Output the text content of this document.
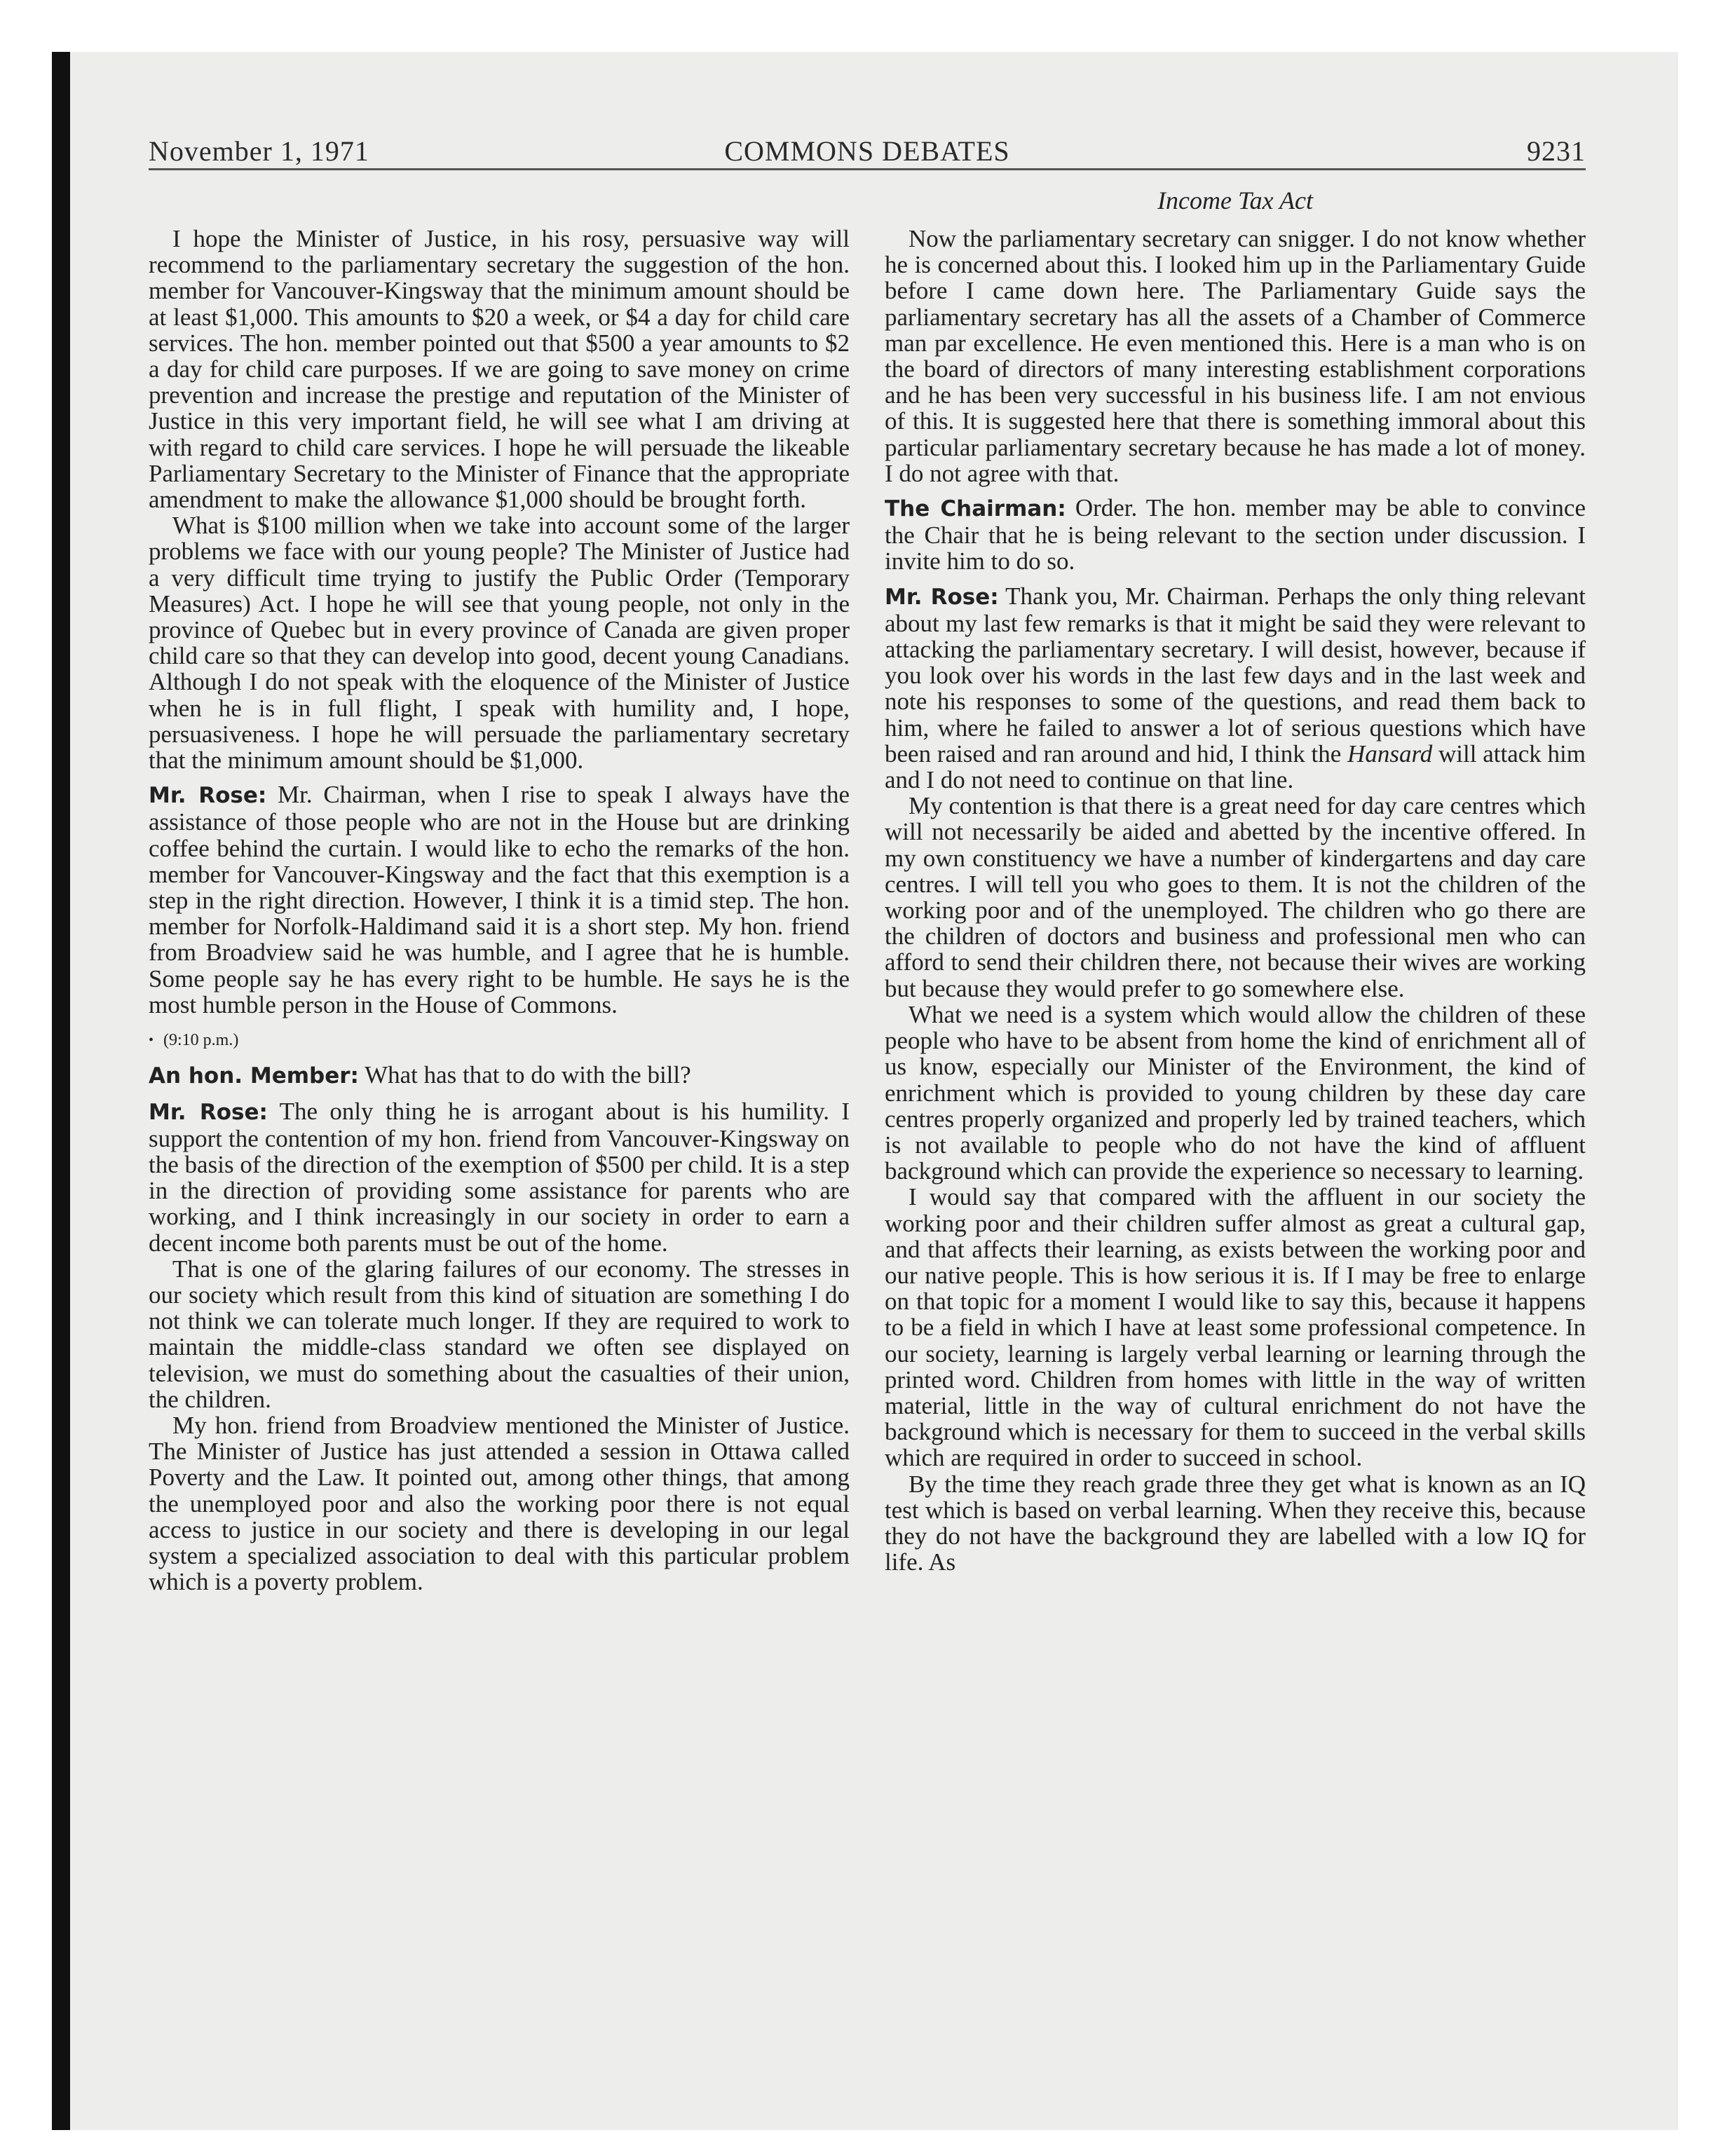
November 1, 1971	COMMONS DEBATES	9231
Income Tax Act

I hope the Minister of Justice, in his rosy, persuasive way will recommend to the parliamentary secretary the suggestion of the hon. member for Vancouver-Kingsway that the minimum amount should be at least $1,000. This amounts to $20 a week, or $4 a day for child care services. The hon. member pointed out that $500 a year amounts to $2 a day for child care purposes. If we are going to save money on crime prevention and increase the prestige and reputation of the Minister of Justice in this very important field, he will see what I am driving at with regard to child care services. I hope he will persuade the likeable Parliamentary Secretary to the Minister of Finance that the appropriate amendment to make the allowance $1,000 should be brought forth.

What is $100 million when we take into account some of the larger problems we face with our young people? The Minister of Justice had a very difficult time trying to justify the Public Order (Temporary Measures) Act. I hope he will see that young people, not only in the province of Quebec but in every province of Canada are given proper child care so that they can develop into good, decent young Canadians. Although I do not speak with the eloquence of the Minister of Justice when he is in full flight, I speak with humility and, I hope, persuasiveness. I hope he will persuade the parliamentary secretary that the minimum amount should be $1,000.

Mr. Rose: Mr. Chairman, when I rise to speak I always have the assistance of those people who are not in the House but are drinking coffee behind the curtain. I would like to echo the remarks of the hon. member for Vancouver-Kingsway and the fact that this exemption is a step in the right direction. However, I think it is a timid step. The hon. member for Norfolk-Haldimand said it is a short step. My hon. friend from Broadview said he was humble, and I agree that he is humble. Some people say he has every right to be humble. He says he is the most humble person in the House of Commons.

• (9:10 p.m.)

An hon. Member: What has that to do with the bill?

Mr. Rose: The only thing he is arrogant about is his humility. I support the contention of my hon. friend from Vancouver-Kingsway on the basis of the direction of the exemption of $500 per child. It is a step in the direction of providing some assistance for parents who are working, and I think increasingly in our society in order to earn a decent income both parents must be out of the home.

That is one of the glaring failures of our economy. The stresses in our society which result from this kind of situation are something I do not think we can tolerate much longer. If they are required to work to maintain the middle-class standard we often see displayed on television, we must do something about the casualties of their union, the children.

My hon. friend from Broadview mentioned the Minister of Justice. The Minister of Justice has just attended a session in Ottawa called Poverty and the Law. It pointed out, among other things, that among the unemployed poor and also the working poor there is not equal access to justice in our society and there is developing in our legal system a specialized association to deal with this particular problem which is a poverty problem.

Now the parliamentary secretary can snigger. I do not know whether he is concerned about this. I looked him up in the Parliamentary Guide before I came down here. The Parliamentary Guide says the parliamentary secretary has all the assets of a Chamber of Commerce man par excellence. He even mentioned this. Here is a man who is on the board of directors of many interesting establishment corporations and he has been very successful in his business life. I am not envious of this. It is suggested here that there is something immoral about this particular parliamentary secretary because he has made a lot of money. I do not agree with that.

The Chairman: Order. The hon. member may be able to convince the Chair that he is being relevant to the section under discussion. I invite him to do so.

Mr. Rose: Thank you, Mr. Chairman. Perhaps the only thing relevant about my last few remarks is that it might be said they were relevant to attacking the parliamentary secretary. I will desist, however, because if you look over his words in the last few days and in the last week and note his responses to some of the questions, and read them back to him, where he failed to answer a lot of serious questions which have been raised and ran around and hid, I think the Hansard will attack him and I do not need to continue on that line.

My contention is that there is a great need for day care centres which will not necessarily be aided and abetted by the incentive offered. In my own constituency we have a number of kindergartens and day care centres. I will tell you who goes to them. It is not the children of the working poor and of the unemployed. The children who go there are the children of doctors and business and professional men who can afford to send their children there, not because their wives are working but because they would prefer to go somewhere else.

What we need is a system which would allow the children of these people who have to be absent from home the kind of enrichment all of us know, especially our Minister of the Environment, the kind of enrichment which is provided to young children by these day care centres properly organized and properly led by trained teachers, which is not available to people who do not have the kind of affluent background which can provide the experience so necessary to learning.

I would say that compared with the affluent in our society the working poor and their children suffer almost as great a cultural gap, and that affects their learning, as exists between the working poor and our native people. This is how serious it is. If I may be free to enlarge on that topic for a moment I would like to say this, because it happens to be a field in which I have at least some professional competence. In our society, learning is largely verbal learning or learning through the printed word. Children from homes with little in the way of written material, little in the way of cultural enrichment do not have the background which is necessary for them to succeed in the verbal skills which are required in order to succeed in school.

By the time they reach grade three they get what is known as an IQ test which is based on verbal learning. When they receive this, because they do not have the background they are labelled with a low IQ for life. As
